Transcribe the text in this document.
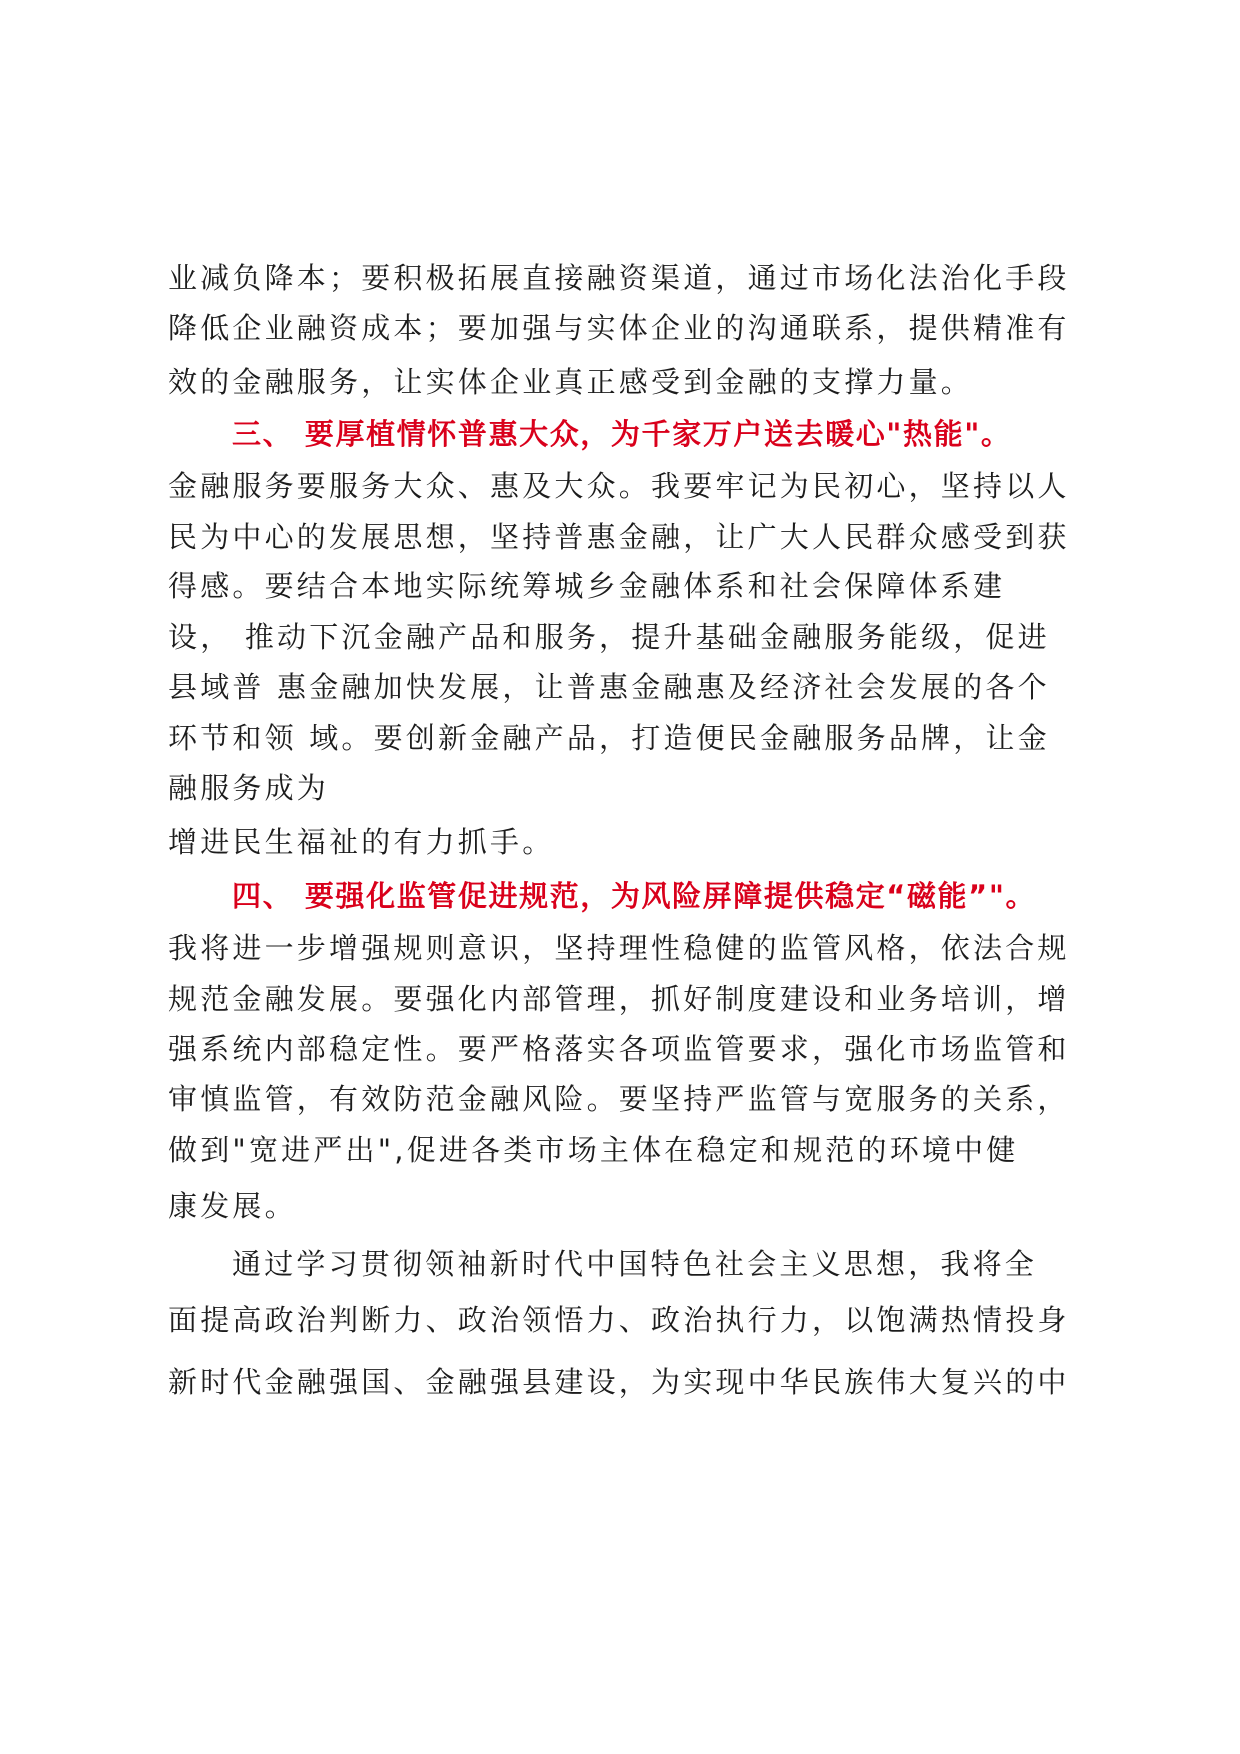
业减负降本；要积极拓展直接融资渠道，通过市场化法治化手段
降低企业融资成本；要加强与实体企业的沟通联系，提供精准有
效的金融服务，让实体企业真正感受到金融的支撑力量。
三、 要厚植情怀普惠大众，为千家万户送去暖心"热能"。
金融服务要服务大众、惠及大众。我要牢记为民初心，坚持以人
民为中心的发展思想，坚持普惠金融，让广大人民群众感受到获
得感。要结合本地实际统筹城乡金融体系和社会保障体系建
设， 推动下沉金融产品和服务，提升基础金融服务能级，促进
县域普 惠金融加快发展，让普惠金融惠及经济社会发展的各个
环节和领 域。要创新金融产品，打造便民金融服务品牌，让金
融服务成为
增进民生福祉的有力抓手。
四、 要强化监管促进规范，为风险屏障提供稳定“磁能”"。
我将进一步增强规则意识，坚持理性稳健的监管风格，依法合规
规范金融发展。要强化内部管理，抓好制度建设和业务培训，增
强系统内部稳定性。要严格落实各项监管要求，强化市场监管和
审慎监管，有效防范金融风险。要坚持严监管与宽服务的关系，
做到"宽进严出",促进各类市场主体在稳定和规范的环境中健
康发展。
通过学习贯彻领袖新时代中国特色社会主义思想，我将全
面提高政治判断力、政治领悟力、政治执行力，以饱满热情投身
新时代金融强国、金融强县建设，为实现中华民族伟大复兴的中
